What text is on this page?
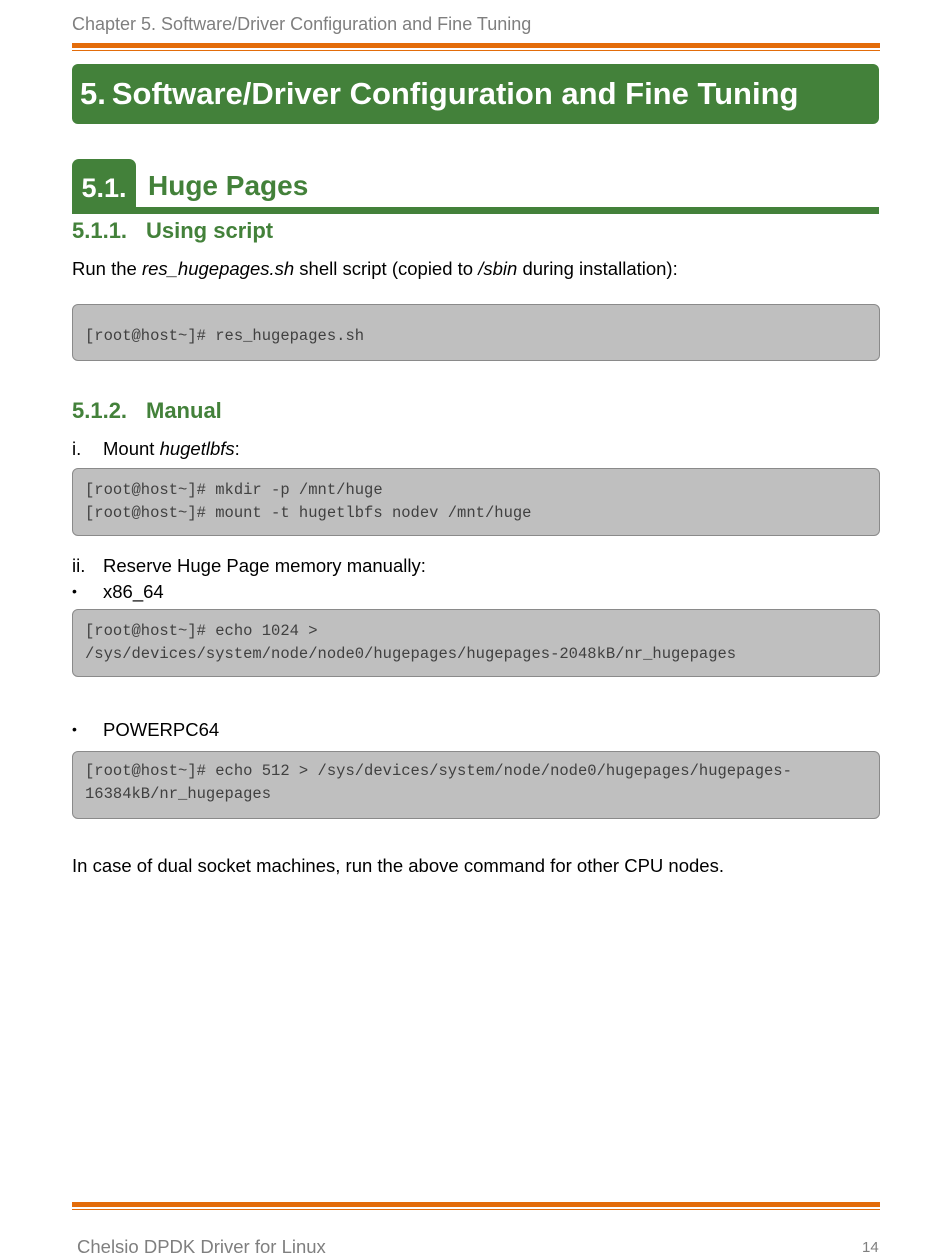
Chapter 5. Software/Driver Configuration and Fine Tuning
5. Software/Driver Configuration and Fine Tuning
5.1. Huge Pages
5.1.1. Using script
Run the res_hugepages.sh shell script (copied to /sbin during installation):
[root@host~]# res_hugepages.sh
5.1.2. Manual
i. Mount hugetlbfs:
[root@host~]# mkdir -p /mnt/huge
[root@host~]# mount -t hugetlbfs nodev /mnt/huge
ii. Reserve Huge Page memory manually:
• x86_64
[root@host~]# echo 1024 >
/sys/devices/system/node/node0/hugepages/hugepages-2048kB/nr_hugepages
• POWERPC64
[root@host~]# echo 512 > /sys/devices/system/node/node0/hugepages/hugepages-
16384kB/nr_hugepages
In case of dual socket machines, run the above command for other CPU nodes.
Chelsio DPDK Driver for Linux	14
